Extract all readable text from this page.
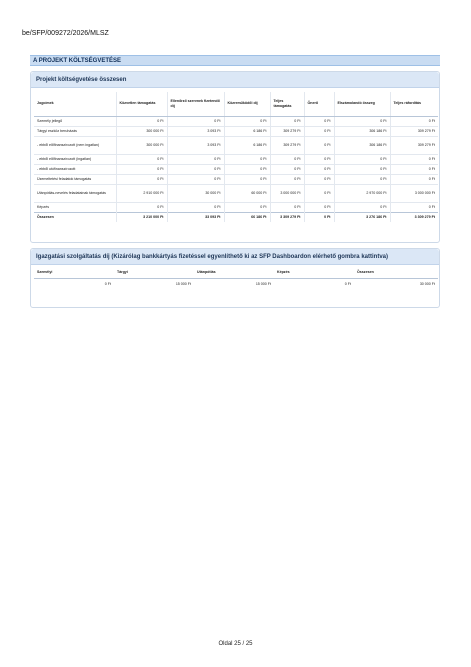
be/SFP/009272/2026/MLSZ
A PROJEKT KÖLTSÉGVETÉSE
Projekt költségvetése összesen
Jogcímek	Közvetlen támogatás	Ellenőrző szervnek fizetendő díj	Közreműködői díj	Teljes támogatás	Önerő	Elszámolandó összeg	Teljes ráfordítás
Személy jellegű	0 Ft	0 Ft	0 Ft	0 Ft	0 Ft	0 Ft	0 Ft
Tárgyi eszköz beruházás	300 000 Ft	3 093 Ft	6 186 Ft	309 279 Ft	0 Ft	306 186 Ft	309 279 Ft
- ebből előfinanszírozott (nem ingatlan)	300 000 Ft	3 093 Ft	6 186 Ft	309 279 Ft	0 Ft	306 186 Ft	309 279 Ft
- ebből előfinanszírozott (ingatlan)	0 Ft	0 Ft	0 Ft	0 Ft	0 Ft	0 Ft	0 Ft
- ebből utófinanszírozott	0 Ft	0 Ft	0 Ft	0 Ft	0 Ft	0 Ft	0 Ft
Üzemeltetési feladatok támogatás	0 Ft	0 Ft	0 Ft	0 Ft	0 Ft	0 Ft	0 Ft
Utánpótlás-nevelés feladatainak támogatás	2 910 000 Ft	30 000 Ft	60 000 Ft	3 000 000 Ft	0 Ft	2 970 000 Ft	3 000 000 Ft
Képzés	0 Ft	0 Ft	0 Ft	0 Ft	0 Ft	0 Ft	0 Ft
Összesen	3 210 000 Ft	33 093 Ft	66 186 Ft	3 309 279 Ft	0 Ft	3 276 186 Ft	3 309 279 Ft
Igazgatási szolgáltatás díj (Kizárólag bankkártyás fizetéssel egyenlíthető ki az SFP Dashboardon elérhető gombra kattintva)
Személyi	Tárgyi	Utánpótlás	Képzés	Összesen
0 Ft	15 000 Ft	15 000 Ft	0 Ft	30 000 Ft
Oldal 25 / 25
